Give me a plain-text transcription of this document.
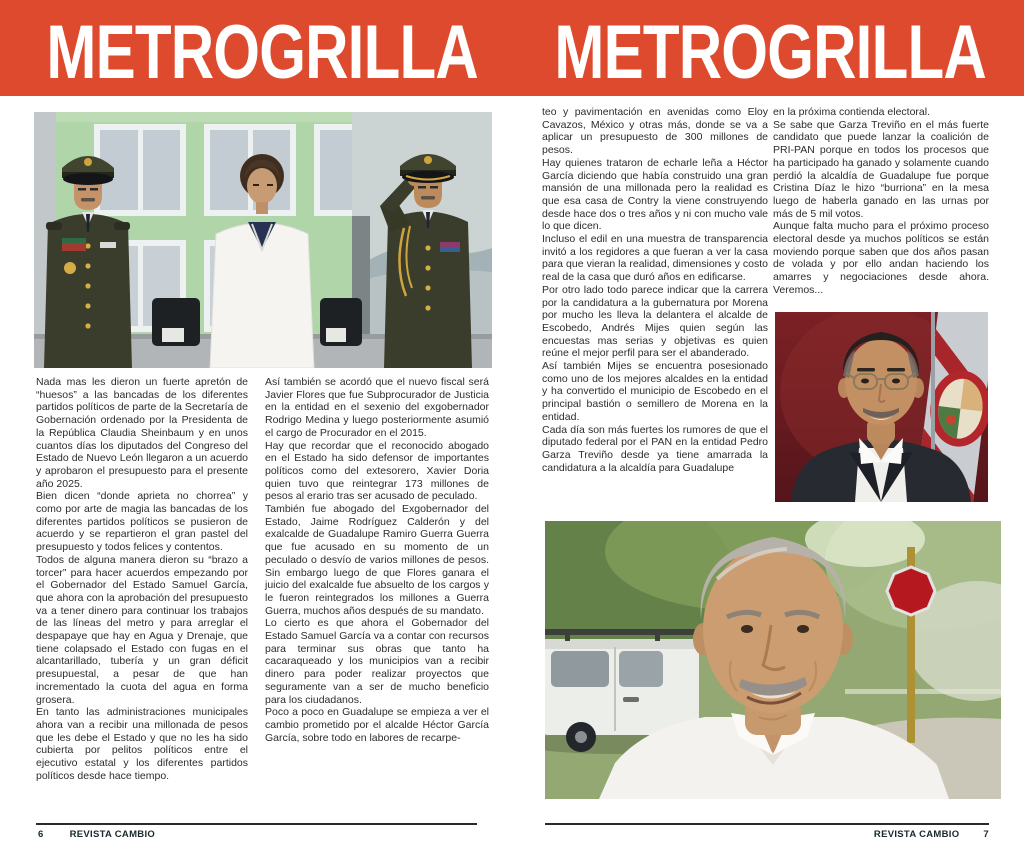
METROGRILLA METROGRILLA

Nada mas les dieron un fuerte apretón de “huesos” a las bancadas de los diferentes partidos políticos de parte de la Secretaría de Gobernación ordenado por la Presidenta de la República Claudia Sheinbaum y en unos cuantos días los diputados del Congreso del Estado de Nuevo León llegaron a un acuerdo y aprobaron el presupuesto para el presente año 2025.

Bien dicen “donde aprieta no chorrea” y como por arte de magia las bancadas de los diferentes partidos políticos se pusieron de acuerdo y se repartieron el gran pastel del presupuesto y todos felices y contentos.

Todos de alguna manera dieron su “brazo a torcer” para hacer acuerdos empezando por el Gobernador del Estado Samuel García, que ahora con la aprobación del presupuesto va a tener dinero para continuar los trabajos de las líneas del metro y para arreglar el despapaye que hay en Agua y Drenaje, que tiene colapsado el Estado con fugas en el alcantarillado, tubería y un gran déficit presupuestal, a pesar de que han incrementado la cuota del agua en forma grosera.

En tanto las administraciones municipales ahora van a recibir una millonada de pesos que les debe el Estado y que no les ha sido cubierta por pelitos políticos entre el ejecutivo estatal y los diferentes partidos políticos desde hace tiempo.

Así también se acordó que el nuevo fiscal será Javier Flores que fue Subprocurador de Justicia en la entidad en el sexenio del exgobernador Rodrigo Medina y luego posteriormente asumió el cargo de Procurador en el 2015.

Hay que recordar que el reconocido abogado en el Estado ha sido defensor de importantes políticos como del extesorero, Xavier Doria quien tuvo que reintegrar 173 millones de pesos al erario tras ser acusado de peculado.

También fue abogado del Exgobernador del Estado, Jaime Rodríguez Calderón y del exalcalde de Guadalupe Ramiro Guerra Guerra que fue acusado en su momento de un peculado o desvío de varios millones de pesos. Sin embargo luego de que Flores ganara el juicio del exalcalde fue absuelto de los cargos y le fueron reintegrados los millones a Guerra Guerra, muchos años después de su mandato.

Lo cierto es que ahora el Gobernador del Estado Samuel García va a contar con recursos para terminar sus obras que tanto ha cacaraqueado y los municipios van a recibir dinero para poder realizar proyectos que seguramente van a ser de mucho beneficio para los ciudadanos.

Poco a poco en Guadalupe se empieza a ver el cambio prometido por el alcalde Héctor García García, sobre todo en labores de recarpe-

teo y pavimentación en avenidas como Eloy Cavazos, México y otras más, donde se va a aplicar un presupuesto de 300 millones de pesos.

Hay quienes trataron de echarle leña a Héctor García diciendo que había construido una gran mansión de una millonada pero la realidad es que esa casa de Contry la viene construyendo desde hace dos o tres años y ni con mucho vale lo que dicen.

Incluso el edil en una muestra de transparencia invitó a los regidores a que fueran a ver la casa para que vieran la realidad, dimensiones y costo real de la casa que duró años en edificarse.

Por otro lado todo parece indicar que la carrera por la candidatura a la gubernatura por Morena por mucho les lleva la delantera el alcalde de Escobedo, Andrés Mijes quien según las encuestas mas serias y objetivas es quien reúne el mejor perfil para ser el abanderado.

Así también Mijes se encuentra posesionado como uno de los mejores alcaldes en la entidad y ha convertido el municipio de Escobedo en el principal bastión o semillero de Morena en la entidad.

Cada día son más fuertes los rumores de que el diputado federal por el PAN en la entidad Pedro Garza Treviño desde ya tiene amarrada la candidatura a la alcaldía para Guadalupe

en la próxima contienda electoral.

Se sabe que Garza Treviño en el más fuerte candidato que puede lanzar la coalición de PRI-PAN porque en todos los procesos que ha participado ha ganado y solamente cuando perdió la alcaldía de Guadalupe fue porque Cristina Díaz le hizo “burriona” en la mesa luego de haberla ganado en las urnas por más de 5 mil votos.

Aunque falta mucho para el próximo proceso electoral desde ya muchos políticos se están moviendo porque saben que dos años pasan de volada y por ello andan haciendo los amarres y negociaciones desde ahora. Veremos...

6	REVISTA CAMBIO	REVISTA CAMBIO	7
